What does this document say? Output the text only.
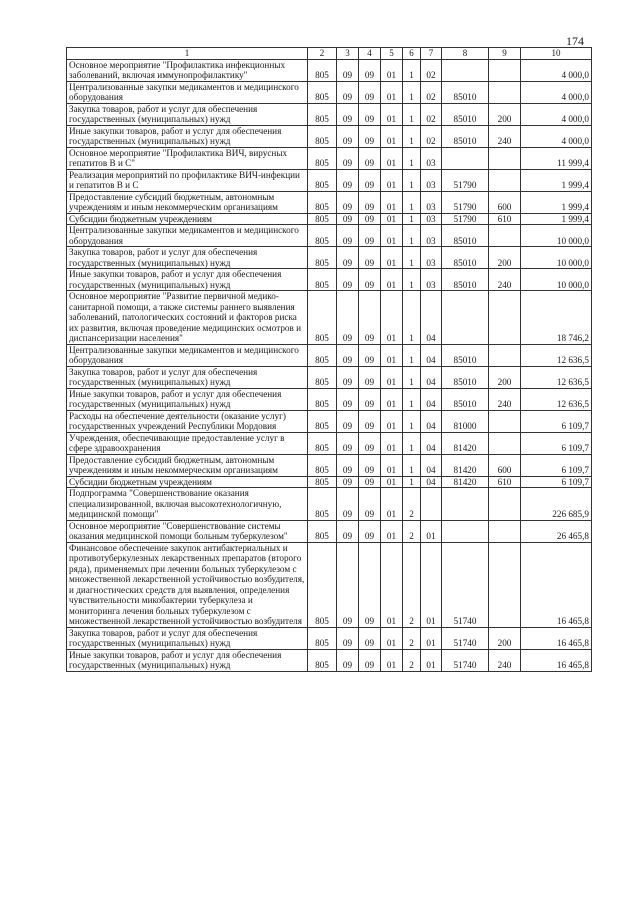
174
1	2	3	4	5	6	7	8	9	10
Основное мероприятие "Профилактика инфекционных заболеваний, включая иммунопрофилактику"	805	09	09	01	1	02			4 000,0
Централизованные закупки медикаментов и медицинского оборудования	805	09	09	01	1	02	85010		4 000,0
Закупка товаров, работ и услуг для обеспечения государственных (муниципальных) нужд	805	09	09	01	1	02	85010	200	4 000,0
Иные закупки товаров, работ и услуг для обеспечения государственных (муниципальных) нужд	805	09	09	01	1	02	85010	240	4 000,0
Основное мероприятие "Профилактика ВИЧ, вирусных гепатитов В и С"	805	09	09	01	1	03			11 999,4
Реализация мероприятий по профилактике ВИЧ-инфекции и гепатитов В и С	805	09	09	01	1	03	51790		1 999,4
Предоставление субсидий бюджетным, автономным учреждениям и иным некоммерческим организациям	805	09	09	01	1	03	51790	600	1 999,4
Субсидии бюджетным учреждениям	805	09	09	01	1	03	51790	610	1 999,4
Централизованные закупки медикаментов и медицинского оборудования	805	09	09	01	1	03	85010		10 000,0
Закупка товаров, работ и услуг для обеспечения государственных (муниципальных) нужд	805	09	09	01	1	03	85010	200	10 000,0
Иные закупки товаров, работ и услуг для обеспечения государственных (муниципальных) нужд	805	09	09	01	1	03	85010	240	10 000,0
Основное мероприятие "Развитие первичной медико-санитарной помощи, а также системы раннего выявления заболеваний, патологических состояний и факторов риска их развития, включая проведение медицинских осмотров и диспансеризации населения"	805	09	09	01	1	04			18 746,2
Централизованные закупки медикаментов и медицинского оборудования	805	09	09	01	1	04	85010		12 636,5
Закупка товаров, работ и услуг для обеспечения государственных (муниципальных) нужд	805	09	09	01	1	04	85010	200	12 636,5
Иные закупки товаров, работ и услуг для обеспечения государственных (муниципальных) нужд	805	09	09	01	1	04	85010	240	12 636,5
Расходы на обеспечение деятельности (оказание услуг) государственных учреждений Республики Мордовия	805	09	09	01	1	04	81000		6 109,7
Учреждения, обеспечивающие предоставление услуг в сфере здравоохранения	805	09	09	01	1	04	81420		6 109,7
Предоставление субсидий бюджетным, автономным учреждениям и иным некоммерческим организациям	805	09	09	01	1	04	81420	600	6 109,7
Субсидии бюджетным учреждениям	805	09	09	01	1	04	81420	610	6 109,7
Подпрограмма "Совершенствование оказания специализированной, включая высокотехнологичную, медицинской помощи"	805	09	09	01	2				226 685,9
Основное мероприятие "Совершенствование системы оказания медицинской помощи больным туберкулезом"	805	09	09	01	2	01			26 465,8
Финансовое обеспечение закупок антибактериальных и противотуберкулезных лекарственных препаратов (второго ряда), применяемых при лечении больных туберкулезом с множественной лекарственной устойчивостью возбудителя, и диагностических средств для выявления, определения чувствительности микобактерии туберкулеза и мониторинга лечения больных туберкулезом с множественной лекарственной устойчивостью возбудителя	805	09	09	01	2	01	51740		16 465,8
Закупка товаров, работ и услуг для обеспечения государственных (муниципальных) нужд	805	09	09	01	2	01	51740	200	16 465,8
Иные закупки товаров, работ и услуг для обеспечения государственных (муниципальных) нужд	805	09	09	01	2	01	51740	240	16 465,8
